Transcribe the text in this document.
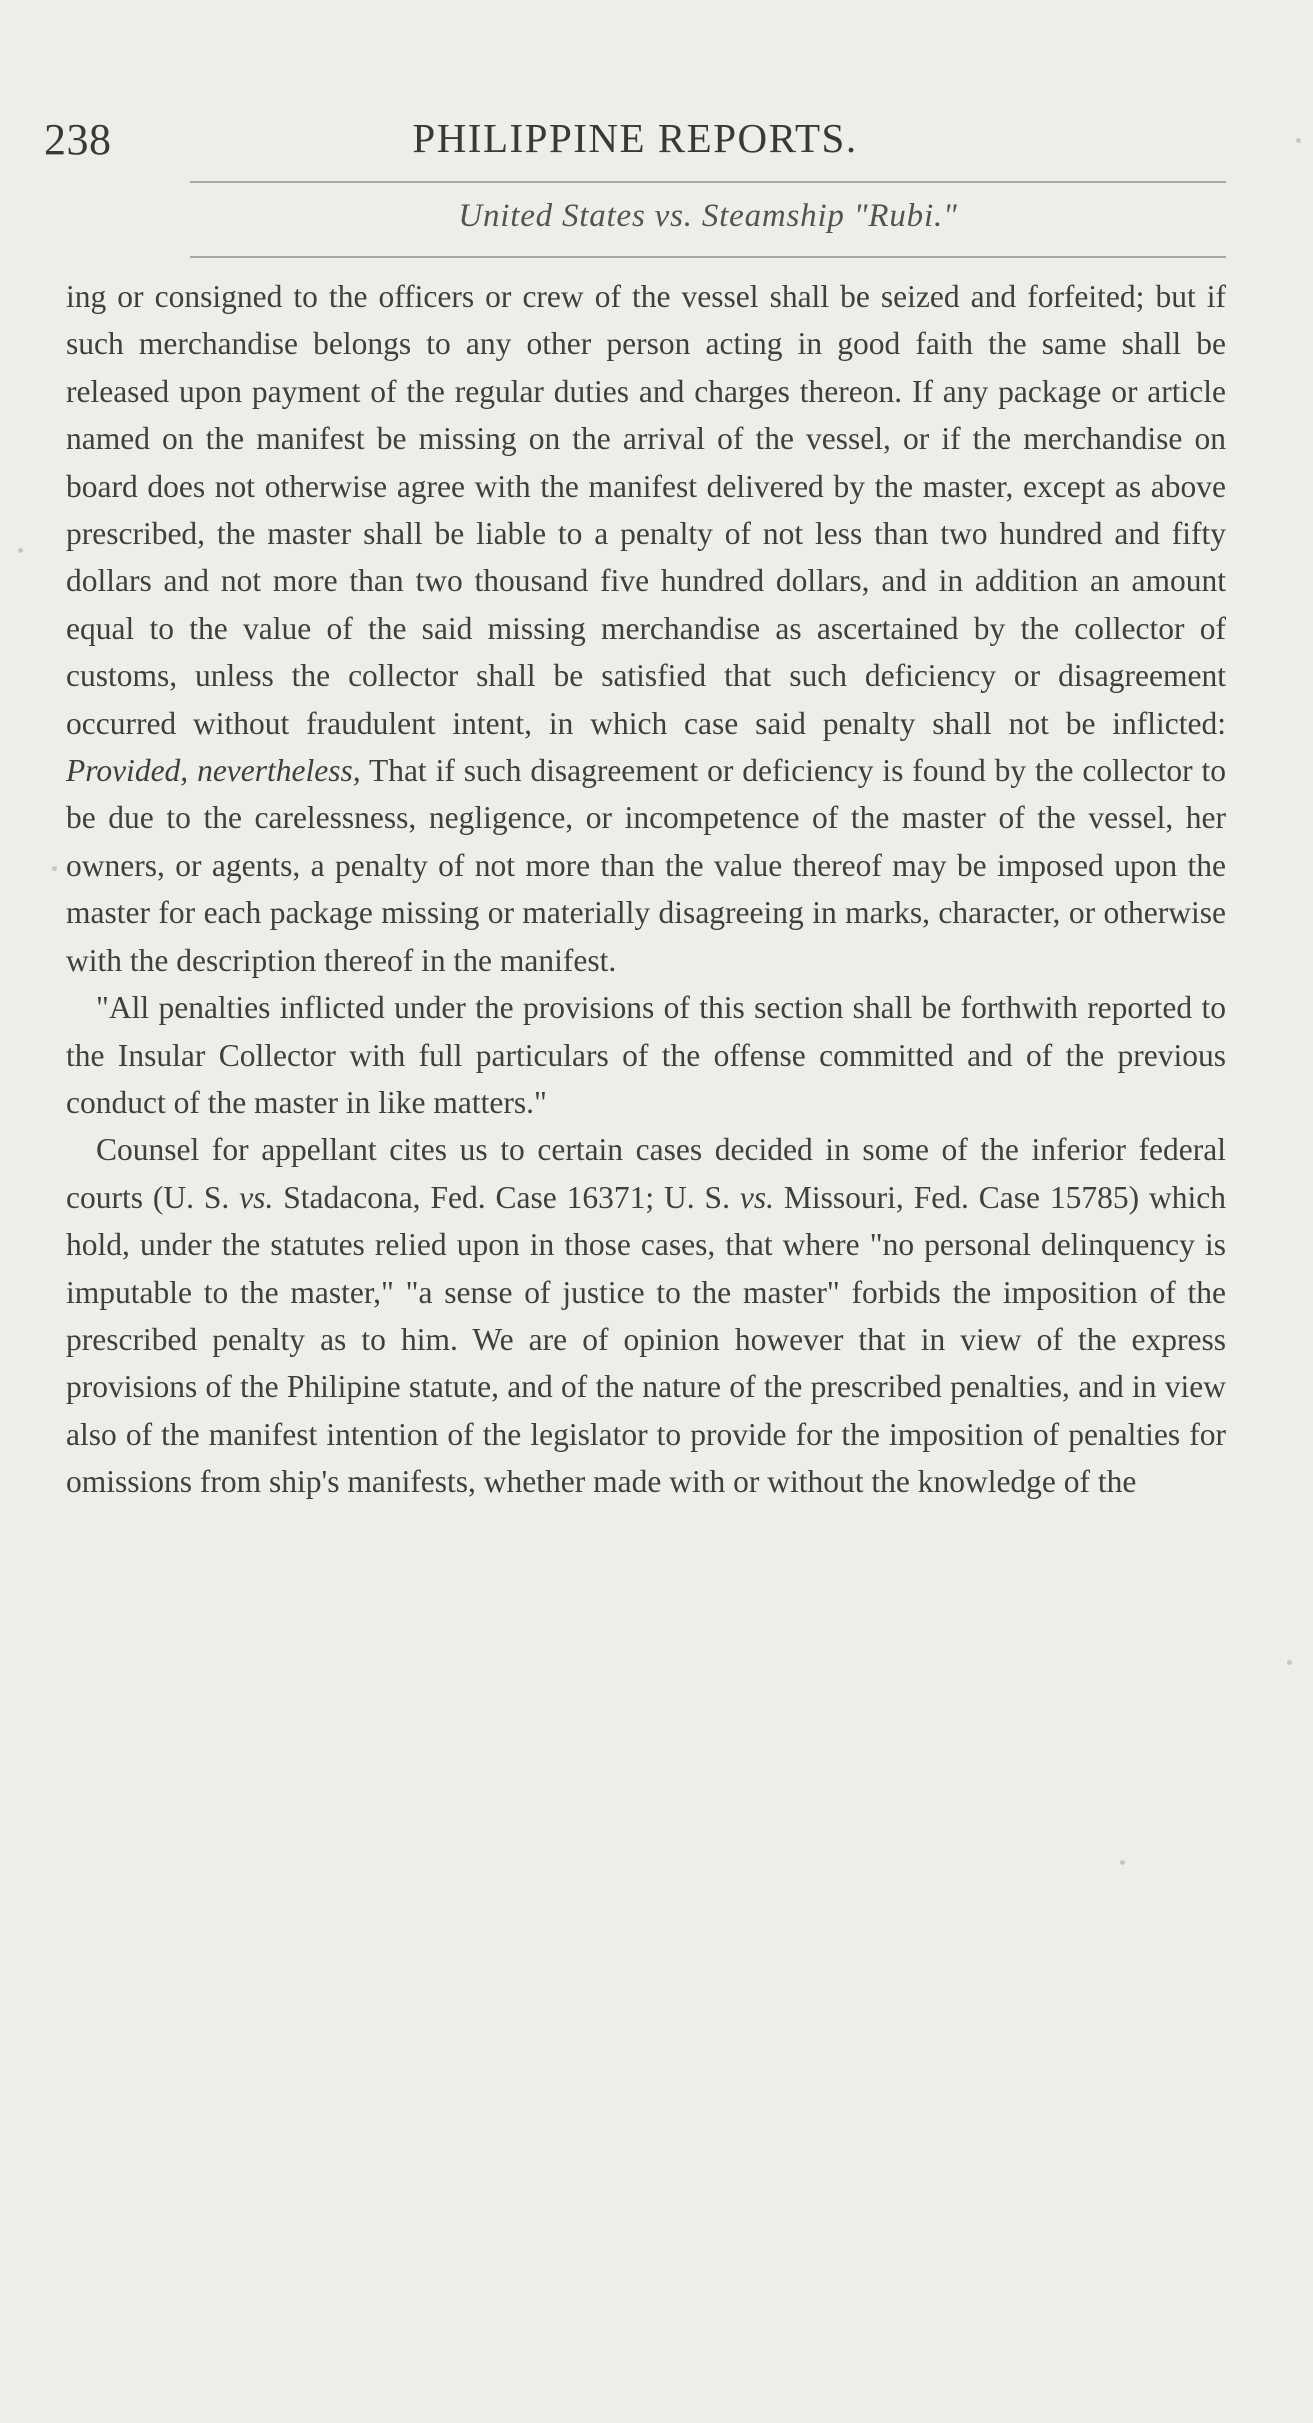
238	PHILIPPINE REPORTS.
United States vs. Steamship "Rubi."

ing or consigned to the officers or crew of the vessel shall be seized and forfeited; but if such merchandise belongs to any other person acting in good faith the same shall be released upon payment of the regular duties and charges thereon. If any package or article named on the manifest be missing on the arrival of the vessel, or if the merchandise on board does not otherwise agree with the manifest delivered by the master, except as above prescribed, the master shall be liable to a penalty of not less than two hundred and fifty dollars and not more than two thousand five hundred dollars, and in addition an amount equal to the value of the said missing merchandise as ascertained by the collector of customs, unless the collector shall be satisfied that such deficiency or disagreement occurred without fraudulent intent, in which case said penalty shall not be inflicted: Provided, nevertheless, That if such disagreement or deficiency is found by the collector to be due to the carelessness, negligence, or incompetence of the master of the vessel, her owners, or agents, a penalty of not more than the value thereof may be imposed upon the master for each package missing or materially disagreeing in marks, character, or otherwise with the description thereof in the manifest.

"All penalties inflicted under the provisions of this section shall be forthwith reported to the Insular Collector with full particulars of the offense committed and of the previous conduct of the master in like matters."

Counsel for appellant cites us to certain cases decided in some of the inferior federal courts (U. S. vs. Stadacona, Fed. Case 16371; U. S. vs. Missouri, Fed. Case 15785) which hold, under the statutes relied upon in those cases, that where "no personal delinquency is imputable to the master," "a sense of justice to the master" forbids the imposition of the prescribed penalty as to him. We are of opinion however that in view of the express provisions of the Philipine statute, and of the nature of the prescribed penalties, and in view also of the manifest intention of the legislator to provide for the imposition of penalties for omissions from ship's manifests, whether made with or without the knowledge of the
